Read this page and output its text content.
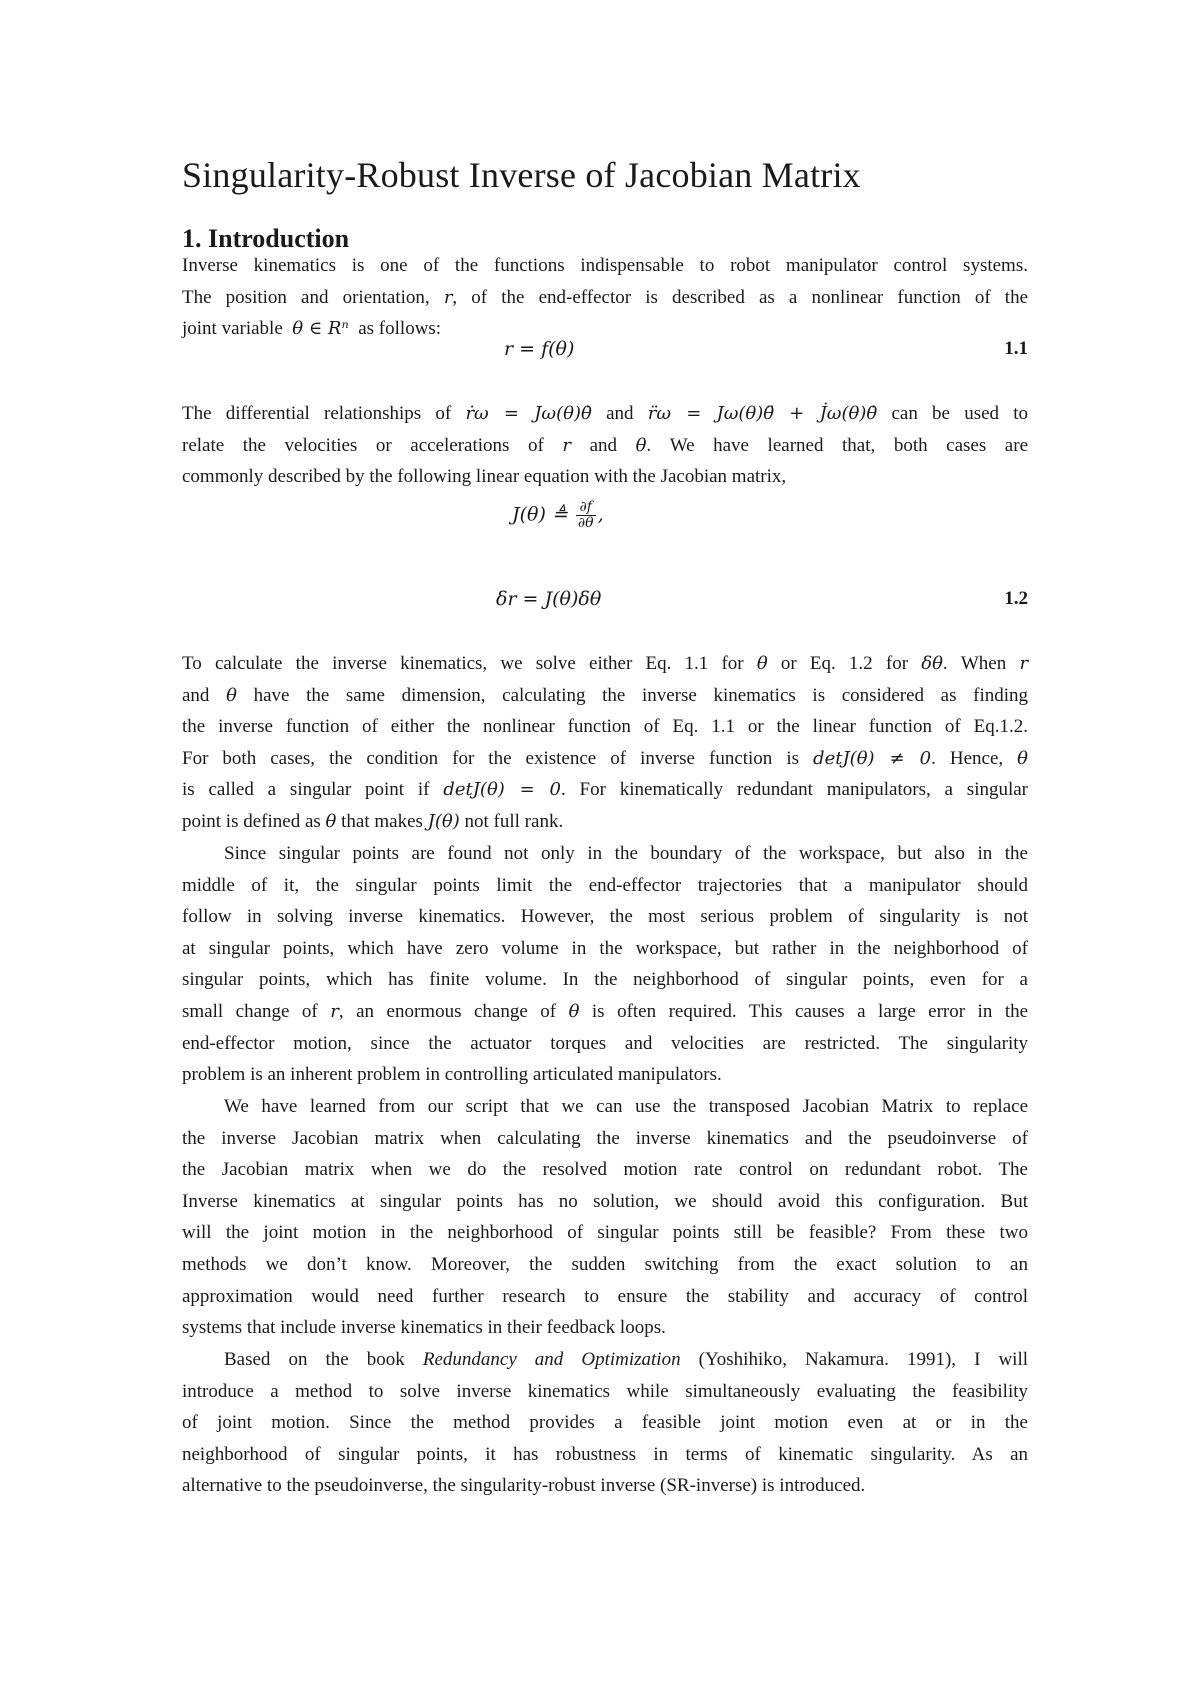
Singularity-Robust Inverse of Jacobian Matrix
1. Introduction
Inverse kinematics is one of the functions indispensable to robot manipulator control systems.
The position and orientation, r, of the end-effector is described as a nonlinear function of the
joint variable θ ∈ Rⁿ as follows:
r = f(θ)	1.1
The differential relationships of ṙω = Jω(θ)θ̇ and r̈ω = Jω(θ)θ̈ + J̇ω(θ)θ̇ can be used to
relate the velocities or accelerations of r and θ. We have learned that, both cases are
commonly described by the following linear equation with the Jacobian matrix,
J(θ) ≜ $\frac{\partial f}{\partial\theta}$ ,
δr = J(θ)δθ	1.2
To calculate the inverse kinematics, we solve either Eq. 1.1 for θ or Eq. 1.2 for δθ. When r
and θ have the same dimension, calculating the inverse kinematics is considered as finding
the inverse function of either the nonlinear function of Eq. 1.1 or the linear function of Eq.1.2.
For both cases, the condition for the existence of inverse function is detJ(θ) ≠ 0. Hence, θ
is called a singular point if detJ(θ) = 0. For kinematically redundant manipulators, a singular
point is defined as θ that makes J(θ) not full rank.
Since singular points are found not only in the boundary of the workspace, but also in the
middle of it, the singular points limit the end-effector trajectories that a manipulator should
follow in solving inverse kinematics. However, the most serious problem of singularity is not
at singular points, which have zero volume in the workspace, but rather in the neighborhood of
singular points, which has finite volume. In the neighborhood of singular points, even for a
small change of r, an enormous change of θ is often required. This causes a large error in the
end-effector motion, since the actuator torques and velocities are restricted. The singularity
problem is an inherent problem in controlling articulated manipulators.
We have learned from our script that we can use the transposed Jacobian Matrix to replace
the inverse Jacobian matrix when calculating the inverse kinematics and the pseudoinverse of
the Jacobian matrix when we do the resolved motion rate control on redundant robot. The
Inverse kinematics at singular points has no solution, we should avoid this configuration. But
will the joint motion in the neighborhood of singular points still be feasible? From these two
methods we don’t know. Moreover, the sudden switching from the exact solution to an
approximation would need further research to ensure the stability and accuracy of control
systems that include inverse kinematics in their feedback loops.
Based on the book Redundancy and Optimization (Yoshihiko, Nakamura. 1991), I will
introduce a method to solve inverse kinematics while simultaneously evaluating the feasibility
of joint motion. Since the method provides a feasible joint motion even at or in the
neighborhood of singular points, it has robustness in terms of kinematic singularity. As an
alternative to the pseudoinverse, the singularity-robust inverse (SR-inverse) is introduced.
